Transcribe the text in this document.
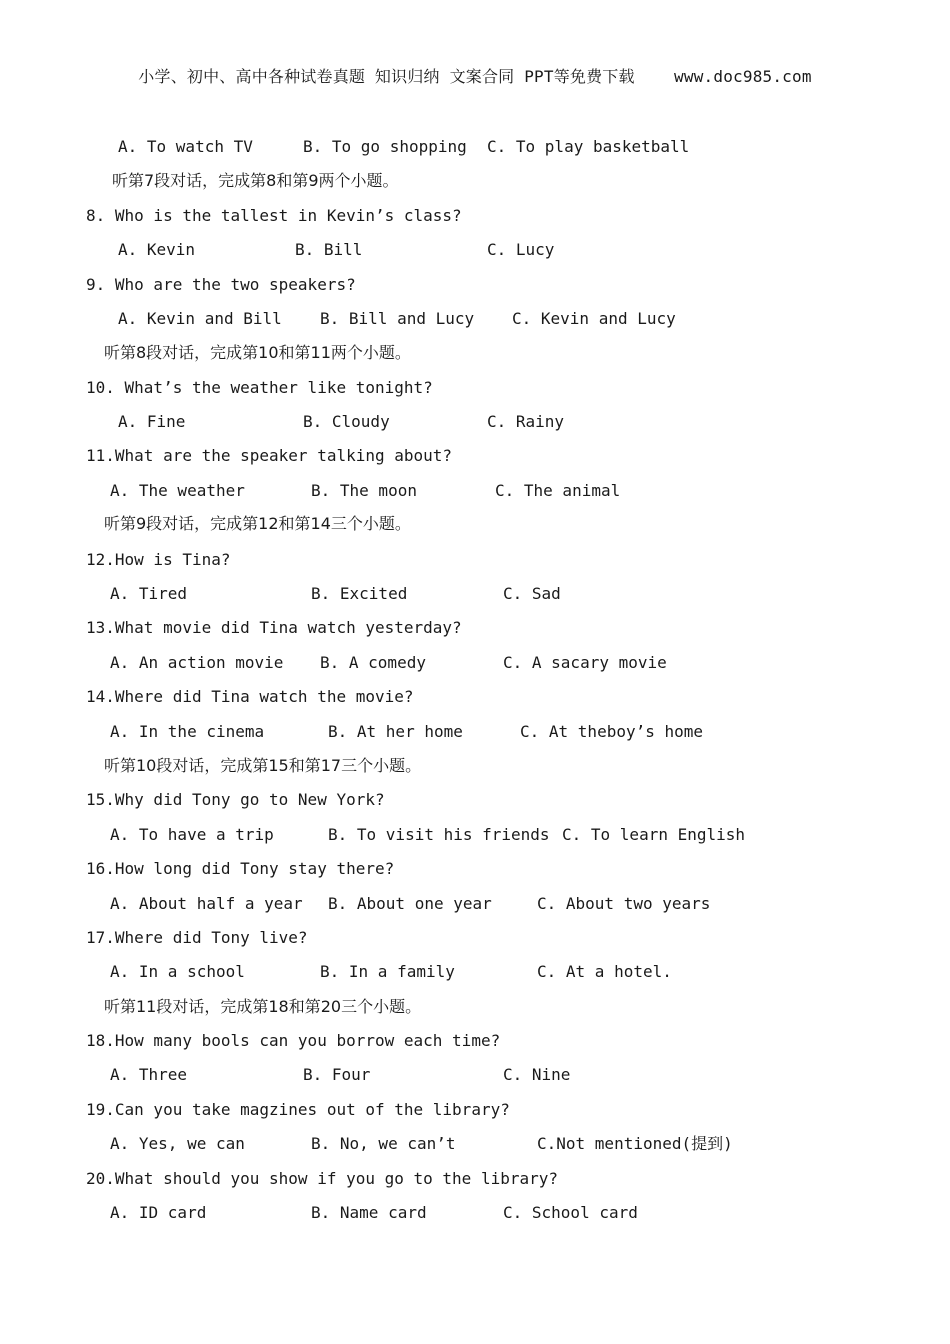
小学、初中、高中各种试卷真题 知识归纳 文案合同 PPT等免费下载    www.doc985.com
A. To watch TV	B. To go shopping C. To play basketball
听第7段对话，完成第8和第9两个小题。
8. Who is the tallest in Kevin’s class?
A. Kevin	B. Bill	C. Lucy
9. Who are the two speakers?
A. Kevin and Bill B. Bill and Lucy C. Kevin and Lucy
听第8段对话，完成第10和第11两个小题。
10. What’s the weather like tonight?
A. Fine	B. Cloudy	C. Rainy
11.What are the speaker talking about?
A. The weather	B. The moon	C. The animal
听第9段对话，完成第12和第14三个小题。
12.How is Tina?
A. Tired	B. Excited	C. Sad
13.What movie did Tina watch yesterday?
A. An action movie B. A comedy	C. A sacary movie
14.Where did Tina watch the movie?
A. In the cinema	B. At her home	C. At theboy’s home
听第10段对话，完成第15和第17三个小题。
15.Why did Tony go to New York?
A. To have a trip	B. To visit his friends C. To learn English
16.How long did Tony stay there?
A. About half a year B. About one year	C. About two years
17.Where did Tony live?
A. In a school	B. In a family	C. At a hotel.
听第11段对话，完成第18和第20三个小题。
18.How many bools can you borrow each time?
A. Three	B. Four	C. Nine
19.Can you take magzines out of the library?
A. Yes, we can	B. No, we can’t	C.Not mentioned(提到)
20.What should you show if you go to the library?
A. ID card	B. Name card	C. School card
